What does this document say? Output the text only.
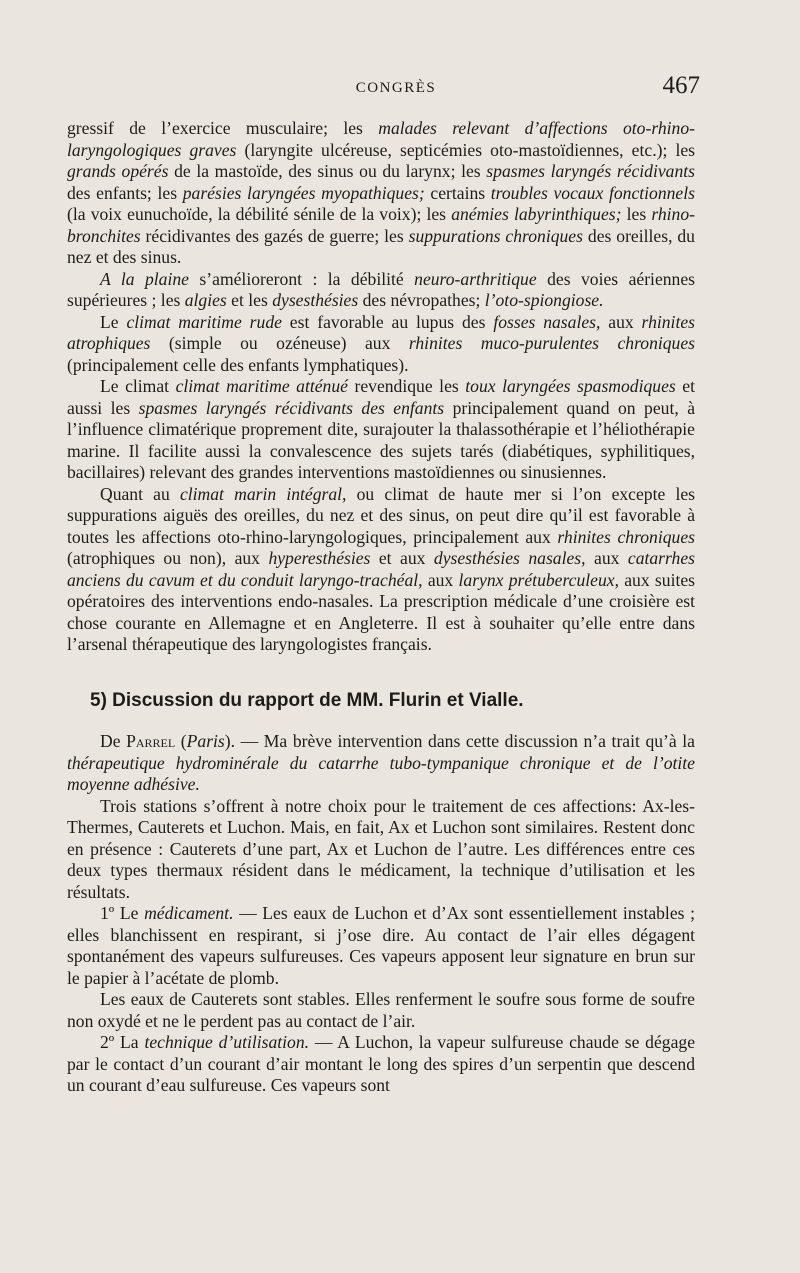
CONGRÈS	467

gressif de l’exercice musculaire; les malades relevant d’affections oto-rhino-laryngologiques graves (laryngite ulcéreuse, septicémies oto-mastoïdiennes, etc.); les grands opérés de la mastoïde, des sinus ou du larynx; les spasmes laryngés récidivants des enfants; les parésies laryngées myopathiques; certains troubles vocaux fonctionnels (la voix eunuchoïde, la débilité sénile de la voix); les anémies labyrinthiques; les rhino-bronchites récidivantes des gazés de guerre; les suppurations chroniques des oreilles, du nez et des sinus.

A la plaine s’amélioreront : la débilité neuro-arthritique des voies aériennes supérieures ; les algies et les dysesthésies des névropathes; l’oto-spiongiose.

Le climat maritime rude est favorable au lupus des fosses nasales, aux rhinites atrophiques (simple ou ozéneuse) aux rhinites muco-purulentes chroniques (principalement celle des enfants lymphatiques).

Le climat climat maritime atténué revendique les toux laryngées spasmodiques et aussi les spasmes laryngés récidivants des enfants principalement quand on peut, à l’influence climatérique proprement dite, surajouter la thalassothérapie et l’héliothérapie marine. Il facilite aussi la convalescence des sujets tarés (diabétiques, syphilitiques, bacillaires) relevant des grandes interventions mastoïdiennes ou sinusiennes.

Quant au climat marin intégral, ou climat de haute mer si l’on excepte les suppurations aiguës des oreilles, du nez et des sinus, on peut dire qu’il est favorable à toutes les affections oto-rhino-laryngologiques, principalement aux rhinites chroniques (atrophiques ou non), aux hyperesthésies et aux dysesthésies nasales, aux catarrhes anciens du cavum et du conduit laryngo-trachéal, aux larynx prétuberculeux, aux suites opératoires des interventions endo-nasales. La prescription médicale d’une croisière est chose courante en Allemagne et en Angleterre. Il est à souhaiter qu’elle entre dans l’arsenal thérapeutique des laryngologistes français.

5) Discussion du rapport de MM. Flurin et Vialle.

De Parrel (Paris). — Ma brève intervention dans cette discussion n’a trait qu’à la thérapeutique hydrominérale du catarrhe tubo-tympanique chronique et de l’otite moyenne adhésive.

Trois stations s’offrent à notre choix pour le traitement de ces affections: Ax-les-Thermes, Cauterets et Luchon. Mais, en fait, Ax et Luchon sont similaires. Restent donc en présence : Cauterets d’une part, Ax et Luchon de l’autre. Les différences entre ces deux types thermaux résident dans le médicament, la technique d’utilisation et les résultats.

1º Le médicament. — Les eaux de Luchon et d’Ax sont essentiellement instables ; elles blanchissent en respirant, si j’ose dire. Au contact de l’air elles dégagent spontanément des vapeurs sulfureuses. Ces vapeurs apposent leur signature en brun sur le papier à l’acétate de plomb.

Les eaux de Cauterets sont stables. Elles renferment le soufre sous forme de soufre non oxydé et ne le perdent pas au contact de l’air.

2º La technique d’utilisation. — A Luchon, la vapeur sulfureuse chaude se dégage par le contact d’un courant d’air montant le long des spires d’un serpentin que descend un courant d’eau sulfureuse. Ces vapeurs sont
